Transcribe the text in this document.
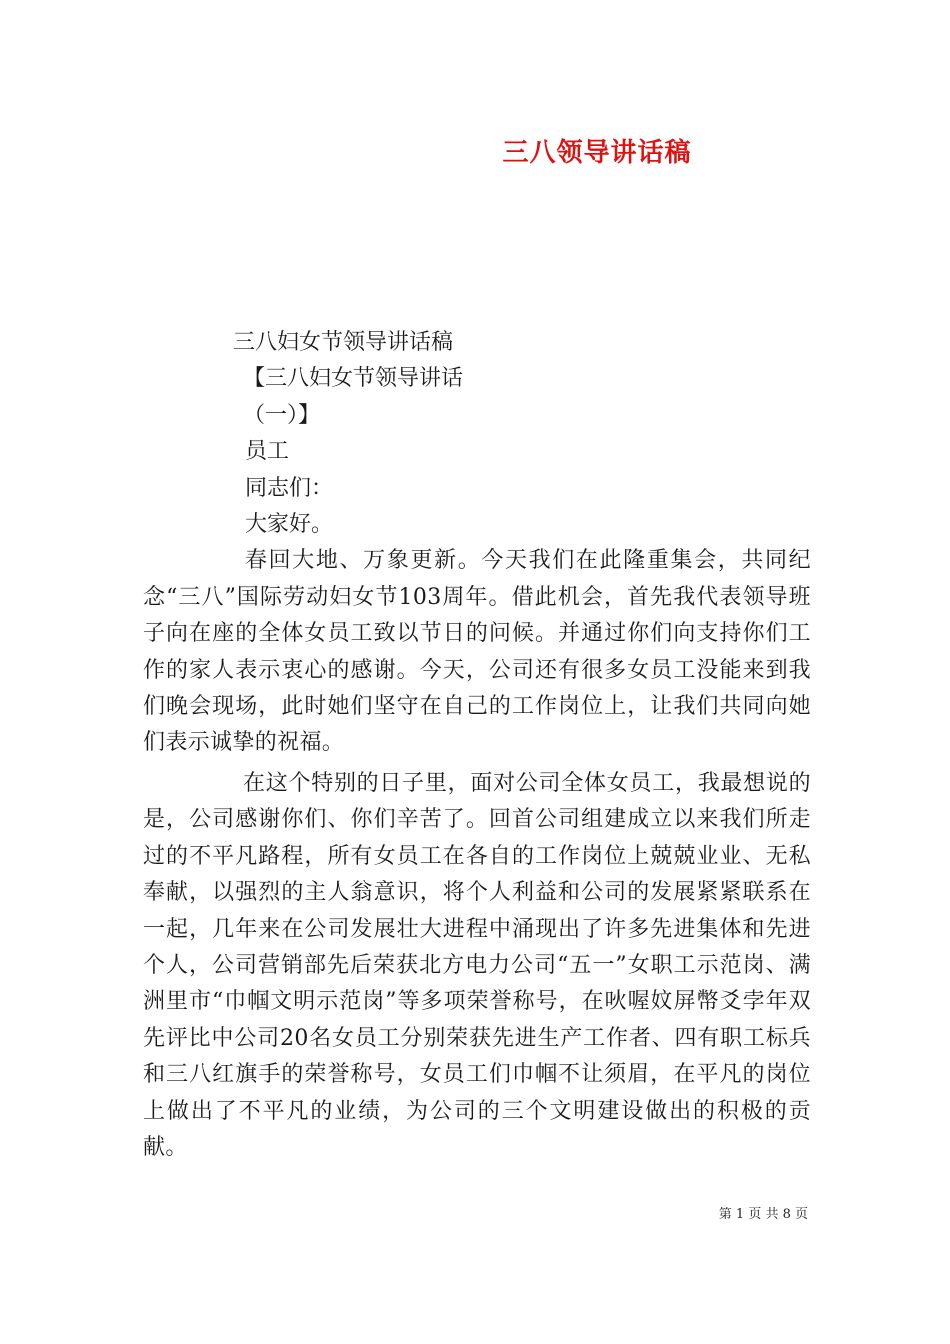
三八领导讲话稿
三八妇女节领导讲话稿
【三八妇女节领导讲话
（一）】
员工
同志们：
大家好。

春回大地、万象更新。今天我们在此隆重集会，共同纪念“三八”国际劳动妇女节103周年。借此机会，首先我代表领导班子向在座的全体女员工致以节日的问候。并通过你们向支持你们工作的家人表示衷心的感谢。今天，公司还有很多女员工没能来到我们晚会现场，此时她们坚守在自己的工作岗位上，让我们共同向她们表示诚挚的祝福。

在这个特别的日子里，面对公司全体女员工，我最想说的是，公司感谢你们、你们辛苦了。回首公司组建成立以来我们所走过的不平凡路程，所有女员工在各自的工作岗位上兢兢业业、无私奉献，以强烈的主人翁意识，将个人利益和公司的发展紧紧联系在一起，几年来在公司发展壮大进程中涌现出了许多先进集体和先进个人，公司营销部先后荣获北方电力公司“五一”女职工示范岗、满洲里市“巾帼文明示范岗”等多项荣誉称号，在吙喔妏屏幣爻孛年双先评比中公司20名女员工分别荣获先进生产工作者、四有职工标兵和三八红旗手的荣誉称号，女员工们巾帼不让须眉，在平凡的岗位上做出了不平凡的业绩，为公司的三个文明建设做出的积极的贡献。

第 1 页 共 8 页
